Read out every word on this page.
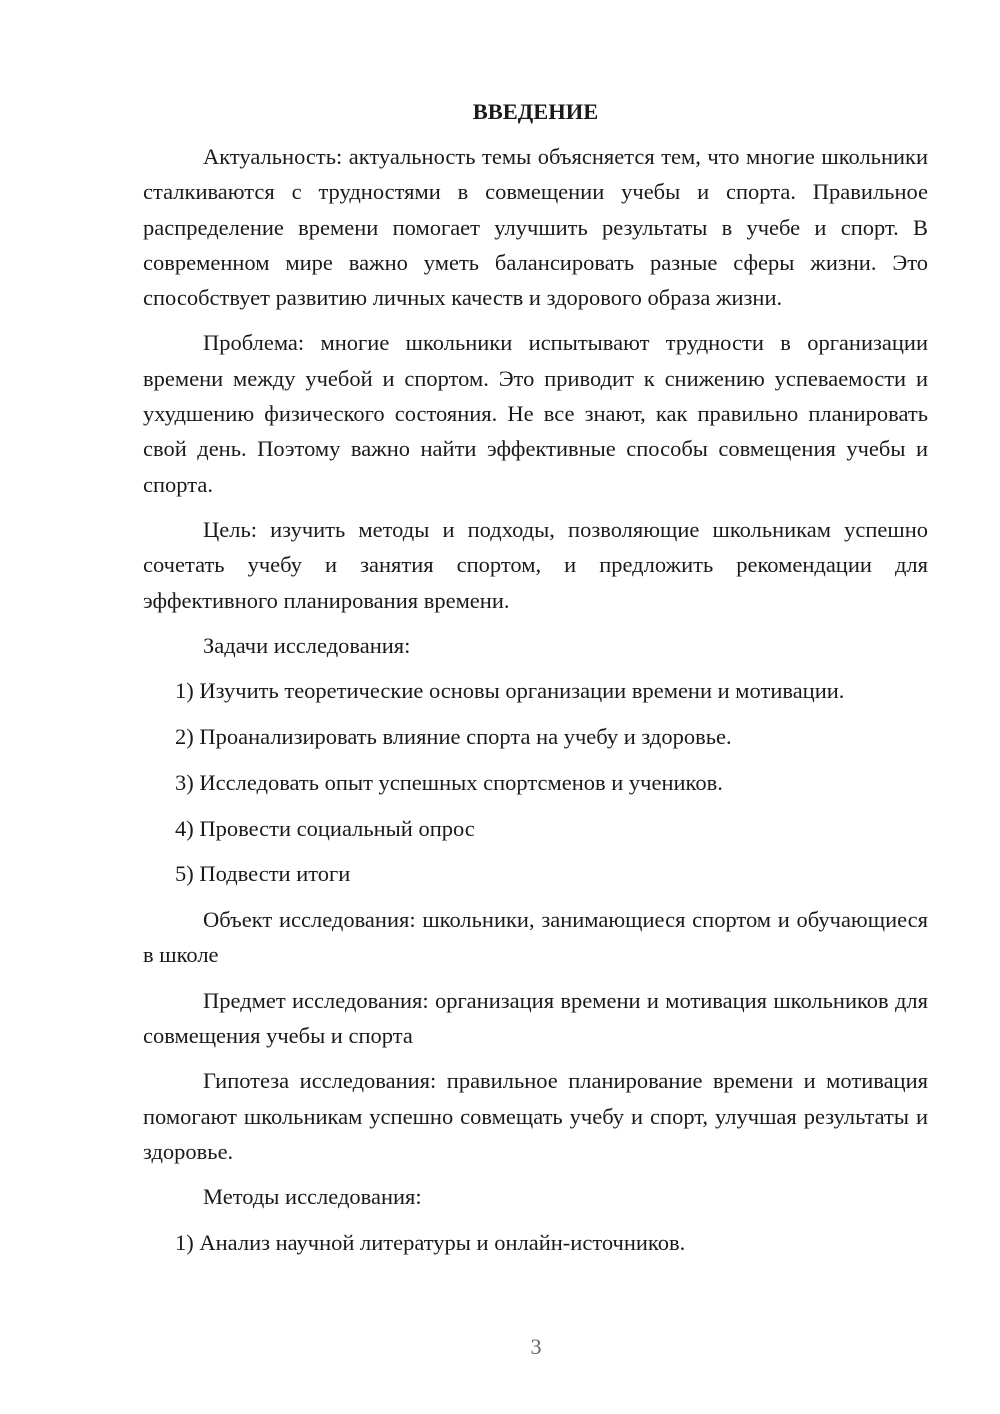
ВВЕДЕНИЕ

Актуальность: актуальность темы объясняется тем, что многие школьники сталкиваются с трудностями в совмещении учебы и спорта. Правильное распределение времени помогает улучшить результаты в учебе и спорт. В современном мире важно уметь балансировать разные сферы жизни. Это способствует развитию личных качеств и здорового образа жизни.

Проблема: многие школьники испытывают трудности в организации времени между учебой и спортом. Это приводит к снижению успеваемости и ухудшению физического состояния. Не все знают, как правильно планировать свой день. Поэтому важно найти эффективные способы совмещения учебы и спорта.

Цель: изучить методы и подходы, позволяющие школьникам успешно сочетать учебу и занятия спортом, и предложить рекомендации для эффективного планирования времени.

Задачи исследования:

1) Изучить теоретические основы организации времени и мотивации.
2) Проанализировать влияние спорта на учебу и здоровье.
3) Исследовать опыт успешных спортсменов и учеников.
4) Провести социальный опрос
5) Подвести итоги

Объект исследования: школьники, занимающиеся спортом и обучающиеся в школе

Предмет исследования: организация времени и мотивация школьников для совмещения учебы и спорта

Гипотеза исследования: правильное планирование времени и мотивация помогают школьникам успешно совмещать учебу и спорт, улучшая результаты и здоровье.

Методы исследования:

1) Анализ научной литературы и онлайн-источников.
3
